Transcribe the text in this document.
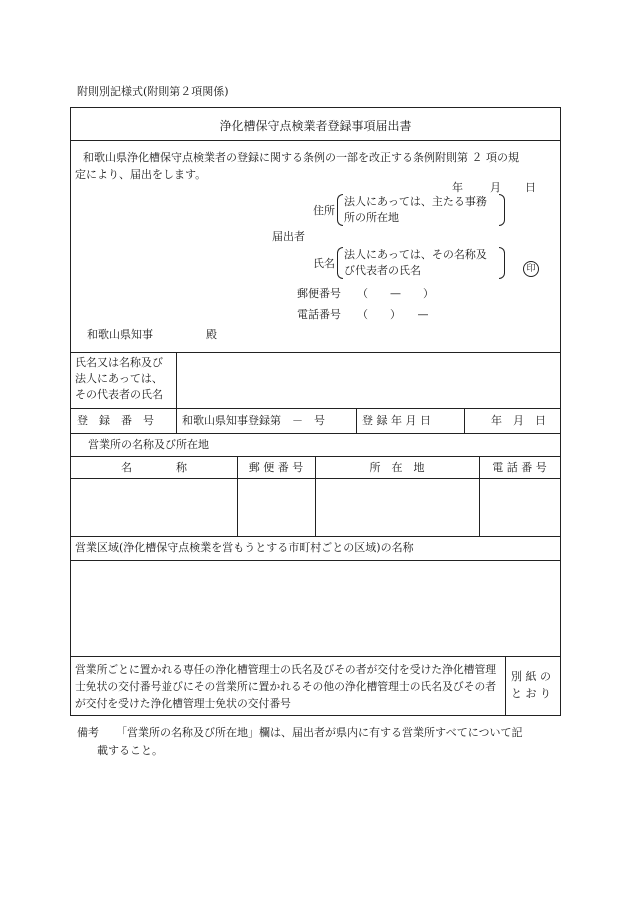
附則別記様式(附則第２項関係)
浄化槽保守点検業者登録事項届出書
和歌山県浄化槽保守点検業者の登録に関する条例の一部を改正する条例附則第 ２ 項の規
定により、届出をします。
年 月 日
住所
法人にあっては、主たる事務
所の所在地
届出者
氏名
法人にあっては、その名称及
び代表者の氏名	印
郵便番号 （　　—　　）
電話番号 （　　）　　—
和歌山県知事	殿
氏名又は名称及び
法人にあっては、
その代表者の氏名
登　録　番　号	和歌山県知事登録第　－　号	登 録 年 月 日	年　月　日
営業所の名称及び所在地
名　　　　称	郵 便 番 号	所　在　地	電 話 番 号
営業区域(浄化槽保守点検業を営もうとする市町村ごとの区域)の名称
営業所ごとに置かれる専任の浄化槽管理士の氏名及びその者が交付を受けた浄化槽管理士免状の交付番号並びにその営業所に置かれるその他の浄化槽管理士の氏名及びその者が交付を受けた浄化槽管理士免状の交付番号
別 紙 の
と お り
備考 「営業所の名称及び所在地」欄は、届出者が県内に有する営業所すべてについて記
載すること。
